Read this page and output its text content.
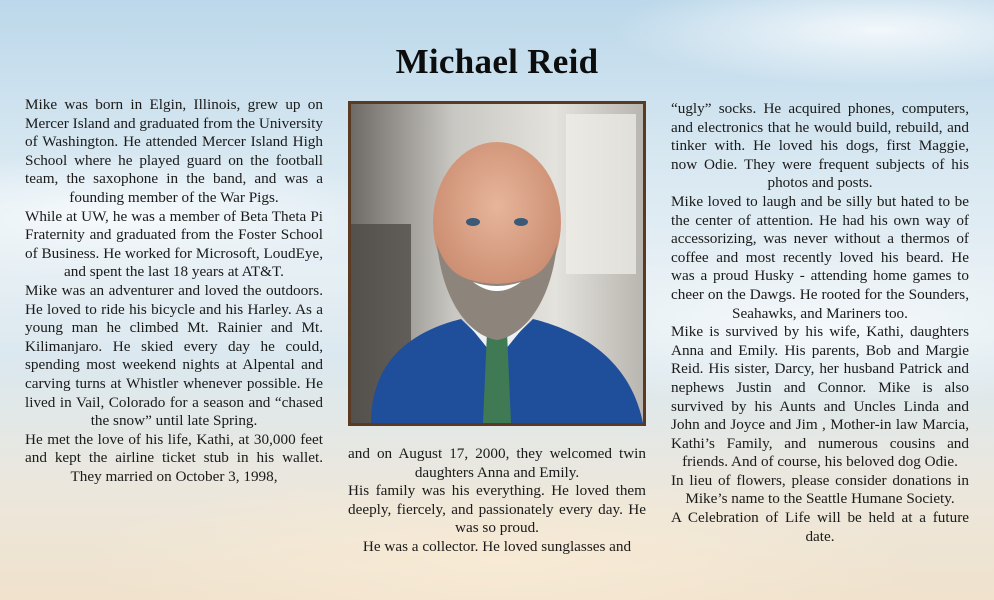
Michael Reid

Mike was born in Elgin, Illinois, grew up on Mercer Island and graduated from the University of Washington. He attended Mercer Island High School where he played guard on the football team, the saxophone in the band, and was a founding member of the War Pigs.

While at UW, he was a member of Beta Theta Pi Fraternity and graduated from the Foster School of Business. He worked for Microsoft, LoudEye, and spent the last 18 years at AT&T.

Mike was an adventurer and loved the outdoors. He loved to ride his bicycle and his Harley. As a young man he climbed Mt. Rainier and Mt. Kilimanjaro. He skied every day he could, spending most weekend nights at Alpental and carving turns at Whistler whenever possible. He lived in Vail, Colorado for a season and “chased the snow” until late Spring.

He met the love of his life, Kathi, at 30,000 feet and kept the airline ticket stub in his wallet. They married on October 3, 1998,

and on August 17, 2000, they welcomed twin daughters Anna and Emily.

His family was his everything. He loved them deeply, fiercely, and passionately every day. He was so proud.

He was a collector. He loved sunglasses and

“ugly” socks. He acquired phones, computers, and electronics that he would build, rebuild, and tinker with. He loved his dogs, first Maggie, now Odie. They were frequent subjects of his photos and posts.

Mike loved to laugh and be silly but hated to be the center of attention. He had his own way of accessorizing, was never without a thermos of coffee and most recently loved his beard. He was a proud Husky - attending home games to cheer on the Dawgs. He rooted for the Sounders, Seahawks, and Mariners too.

Mike is survived by his wife, Kathi, daughters Anna and Emily. His parents, Bob and Margie Reid. His sister, Darcy, her husband Patrick and nephews Justin and Connor. Mike is also survived by his Aunts and Uncles Linda and John and Joyce and Jim , Mother-in law Marcia, Kathi’s Family, and numerous cousins and friends. And of course, his beloved dog Odie.

In lieu of flowers, please consider donations in Mike’s name to the Seattle Humane Society.

A Celebration of Life will be held at a future date.
